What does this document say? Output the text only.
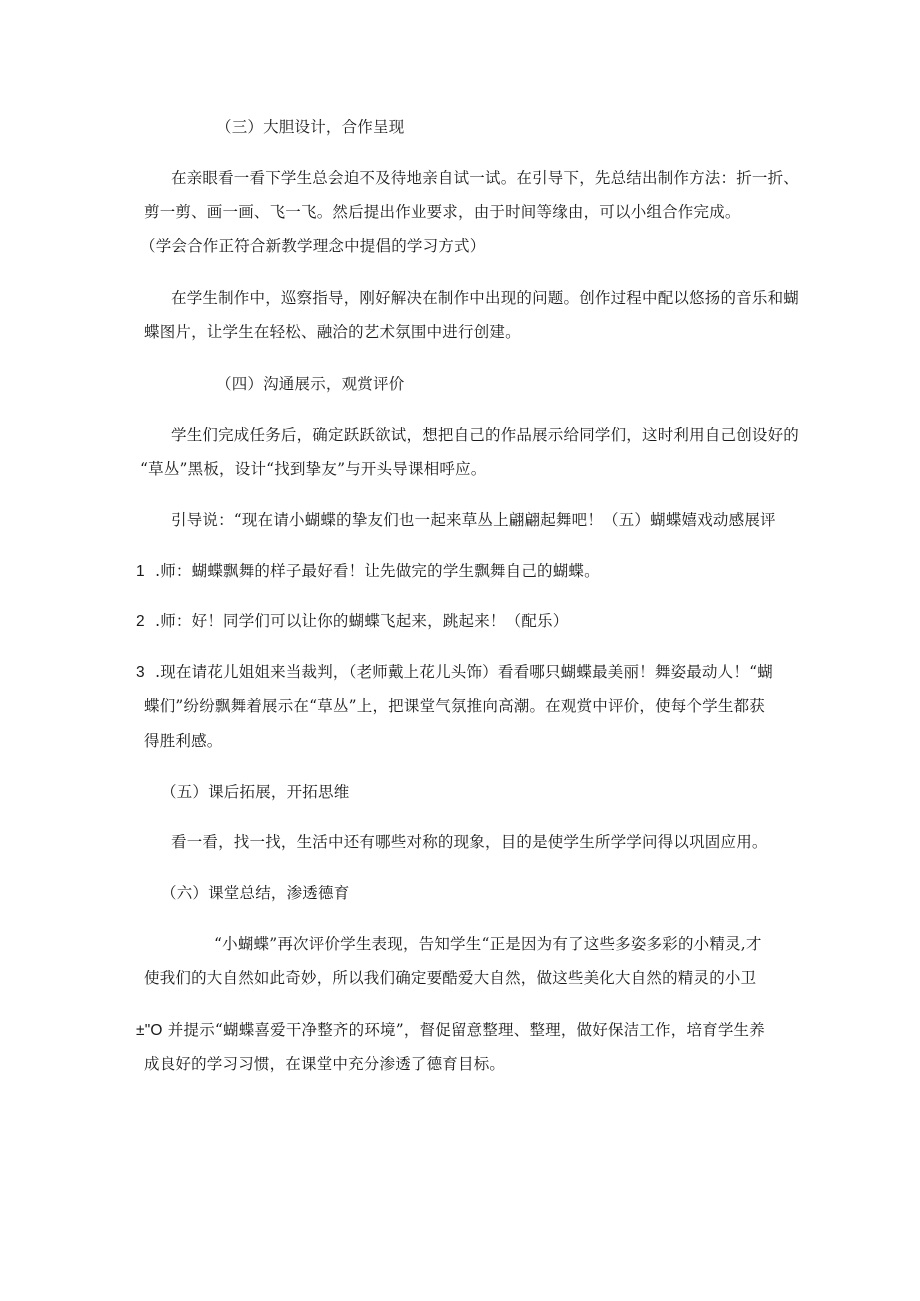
（三）大胆设计，合作呈现
在亲眼看一看下学生总会迫不及待地亲自试一试。在引导下，先总结出制作方法：折一折、
剪一剪、画一画、飞一飞。然后提出作业要求，由于时间等缘由，可以小组合作完成。
（学会合作正符合新教学理念中提倡的学习方式）
在学生制作中，巡察指导，刚好解决在制作中出现的问题。创作过程中配以悠扬的音乐和蝴
蝶图片，让学生在轻松、融洽的艺术氛围中进行创建。
（四）沟通展示，观赏评价
学生们完成任务后，确定跃跃欲试，想把自己的作品展示给同学们，这时利用自己创设好的
“草丛”黑板，设计“找到挚友”与开头导课相呼应。
引导说：“现在请小蝴蝶的挚友们也一起来草丛上翩翩起舞吧！（五）蝴蝶嬉戏动感展评
1 .师：蝴蝶飘舞的样子最好看！让先做完的学生飘舞自己的蝴蝶。
2 .师：好！同学们可以让你的蝴蝶飞起来，跳起来！（配乐）
3 .现在请花儿姐姐来当裁判，（老师戴上花儿头饰）看看哪只蝴蝶最美丽！舞姿最动人！“蝴
蝶们”纷纷飘舞着展示在“草丛”上，把课堂气氛推向高潮。在观赏中评价，使每个学生都获
得胜利感。
（五）课后拓展，开拓思维
看一看，找一找，生活中还有哪些对称的现象，目的是使学生所学学问得以巩固应用。
（六）课堂总结，渗透德育
“小蝴蝶”再次评价学生表现，告知学生“正是因为有了这些多姿多彩的小精灵,才
使我们的大自然如此奇妙，所以我们确定要酷爱大自然，做这些美化大自然的精灵的小卫
±"O 并提示“蝴蝶喜爱干净整齐的环境”，督促留意整理、整理，做好保洁工作，培育学生养
成良好的学习习惯，在课堂中充分渗透了德育目标。
